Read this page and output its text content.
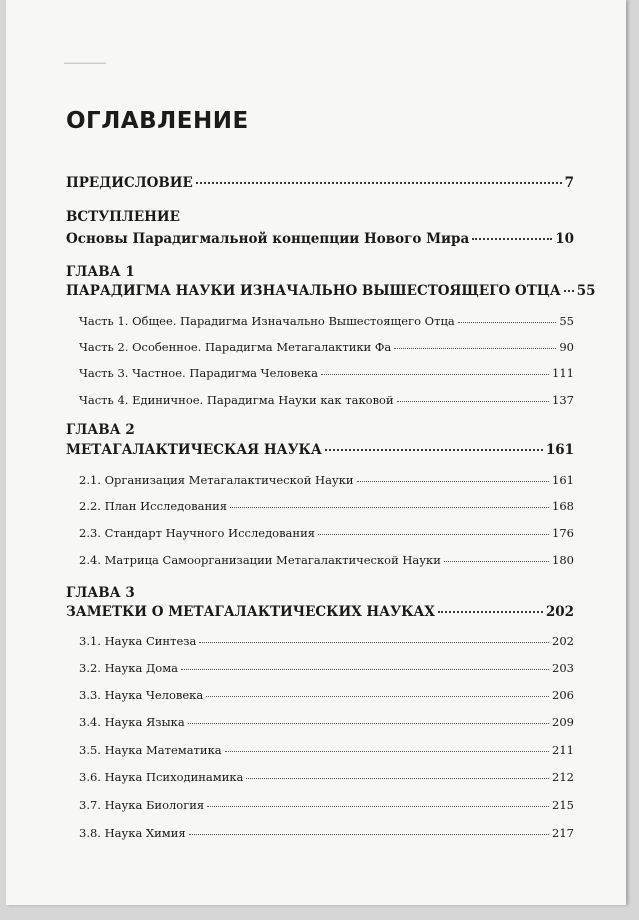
▔▔▔▔▔▔
ОГЛАВЛЕНИЕ
ПРЕДИСЛОВИЕ	7
ВСТУПЛЕНИЕ
Основы Парадигмальной концепции Нового Мира	10
ГЛАВА 1
ПАРАДИГМА НАУКИ ИЗНАЧАЛЬНО ВЫШЕСТОЯЩЕГО ОТЦА 55
Часть 1. Общее. Парадигма Изначально Вышестоящего Отца	55
Часть 2. Особенное. Парадигма Метагалактики Фа	90
Часть 3. Частное. Парадигма Человека	111
Часть 4. Единичное. Парадигма Науки как таковой	137
ГЛАВА 2
МЕТАГАЛАКТИЧЕСКАЯ НАУКА	161
2.1. Организация Метагалактической Науки	161
2.2. План Исследования	168
2.3. Стандарт Научного Исследования	176
2.4. Матрица Самоорганизации Метагалактической Науки	180
ГЛАВА 3
ЗАМЕТКИ О МЕТАГАЛАКТИЧЕСКИХ НАУКАХ	202
3.1. Наука Синтеза	202
3.2. Наука Дома	203
3.3. Наука Человека	206
3.4. Наука Языка	209
3.5. Наука Математика	211
3.6. Наука Психодинамика	212
3.7. Наука Биология	215
3.8. Наука Химия	217
